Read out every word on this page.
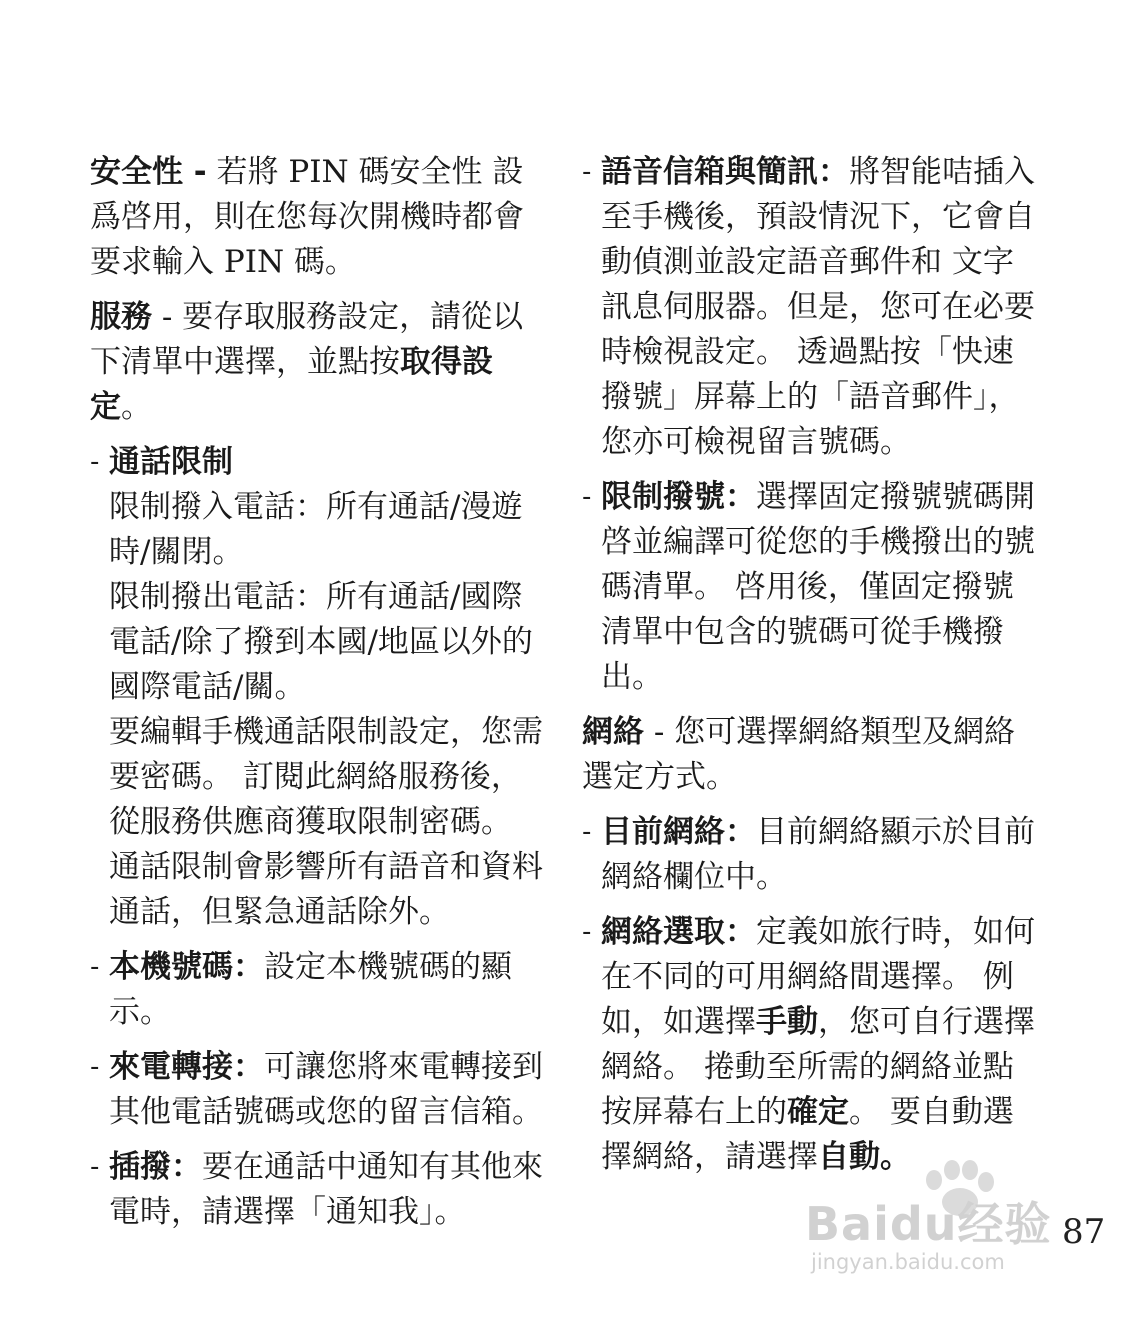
安全性 - 若將 PIN 碼安全性 設爲啓用，則在您每次開機時都會要求輸入 PIN 碼。

服務 - 要存取服務設定，請從以下清單中選擇，並點按取得設定。

- 通話限制

限制撥入電話：所有通話/漫遊時/關閉。

限制撥出電話：所有通話/國際電話/除了撥到本國/地區以外的國際電話/關。

要編輯手機通話限制設定，您需要密碼。 訂閱此網絡服務後，從服務供應商獲取限制密碼。

通話限制會影響所有語音和資料通話，但緊急通話除外。

- 本機號碼：設定本機號碼的顯示。
- 來電轉接：可讓您將來電轉接到其他電話號碼或您的留言信箱。
- 插撥：要在通話中通知有其他來電時，請選擇「通知我」。
- 語音信箱與簡訊：將智能咭插入至手機後，預設情況下，它會自動偵測並設定語音郵件和 文字訊息伺服器。但是，您可在必要時檢視設定。 透過點按「快速撥號」屏幕上的「語音郵件」，您亦可檢視留言號碼。
- 限制撥號：選擇固定撥號號碼開啓並編譯可從您的手機撥出的號碼清單。 啓用後，僅固定撥號清單中包含的號碼可從手機撥出。

網絡 - 您可選擇網絡類型及網絡選定方式。

- 目前網絡：目前網絡顯示於目前網絡欄位中。
- 網絡選取：定義如旅行時，如何在不同的可用網絡間選擇。 例如，如選擇手動，您可自行選擇網絡。 捲動至所需的網絡並點按屏幕右上的確定。 要自動選擇網絡，請選擇自動。
Baidu经验
jingyan.baidu.com
87
